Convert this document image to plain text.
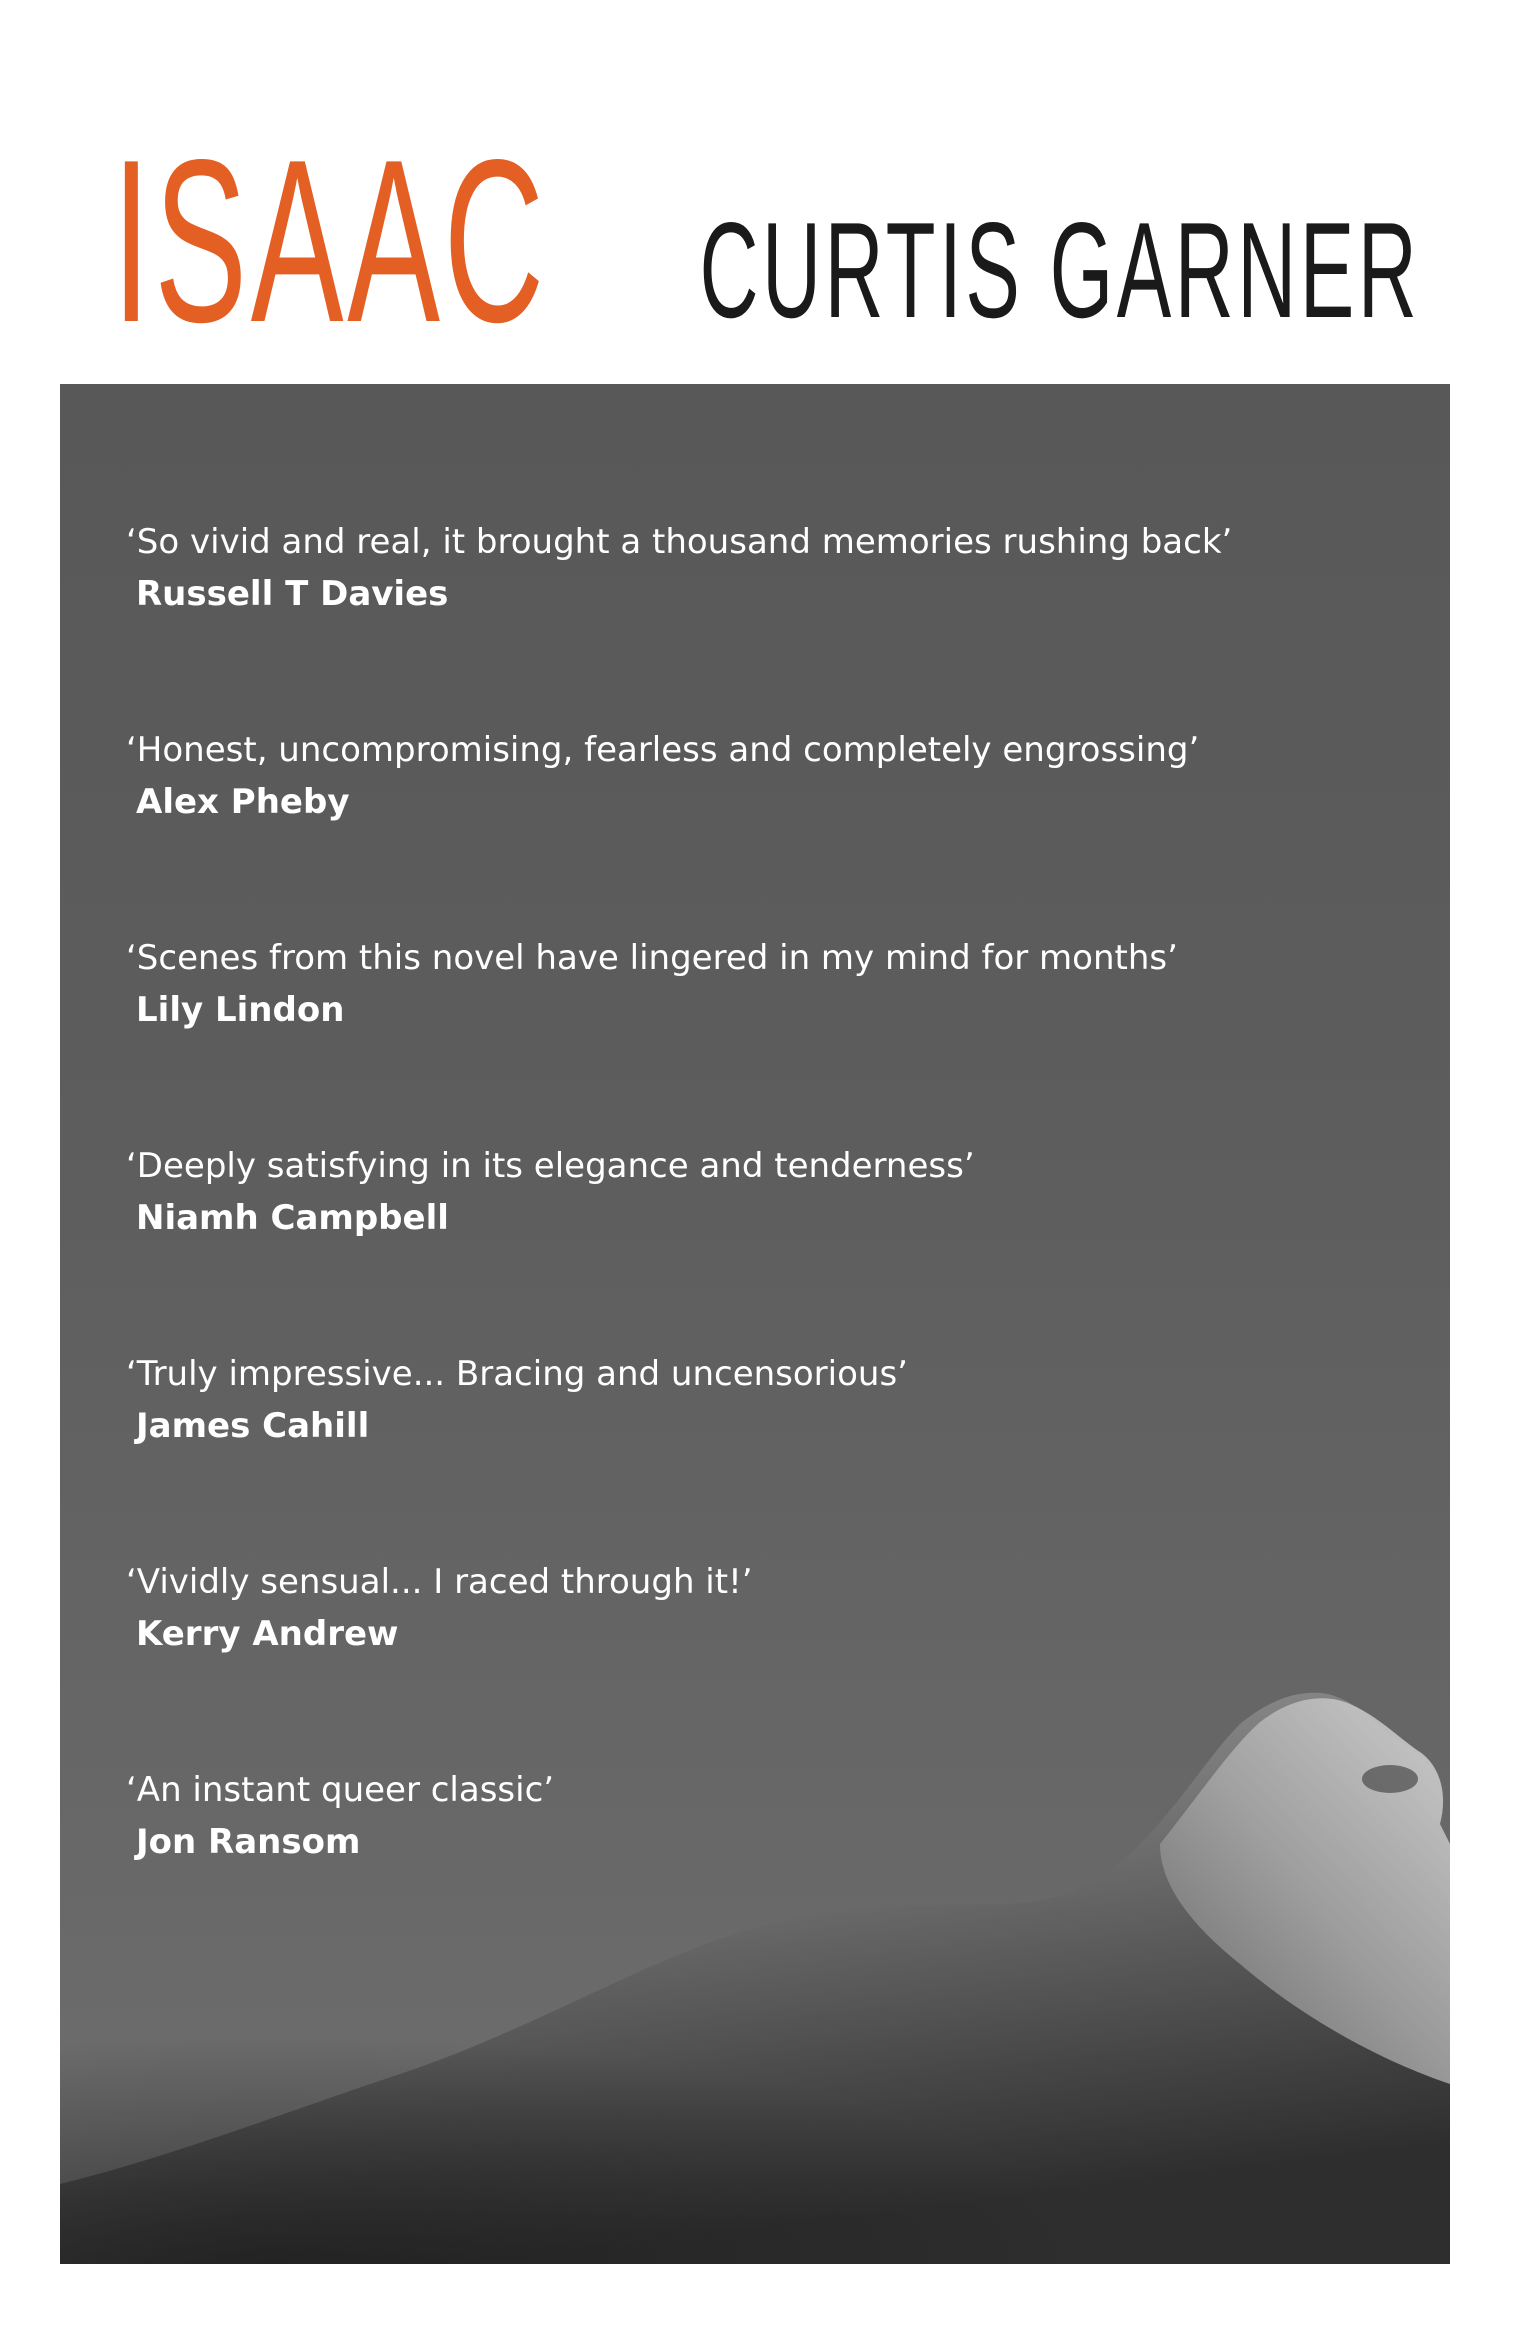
ISAAC CURTIS GARNER

‘So vivid and real, it brought a thousand memories rushing back’

Russell T Davies

‘Honest, uncompromising, fearless and completely engrossing’

Alex Pheby

‘Scenes from this novel have lingered in my mind for months’

Lily Lindon

‘Deeply satisfying in its elegance and tenderness’

Niamh Campbell

‘Truly impressive... Bracing and uncensorious’

James Cahill

‘Vividly sensual... I raced through it!’

Kerry Andrew

‘An instant queer classic’

Jon Ransom
